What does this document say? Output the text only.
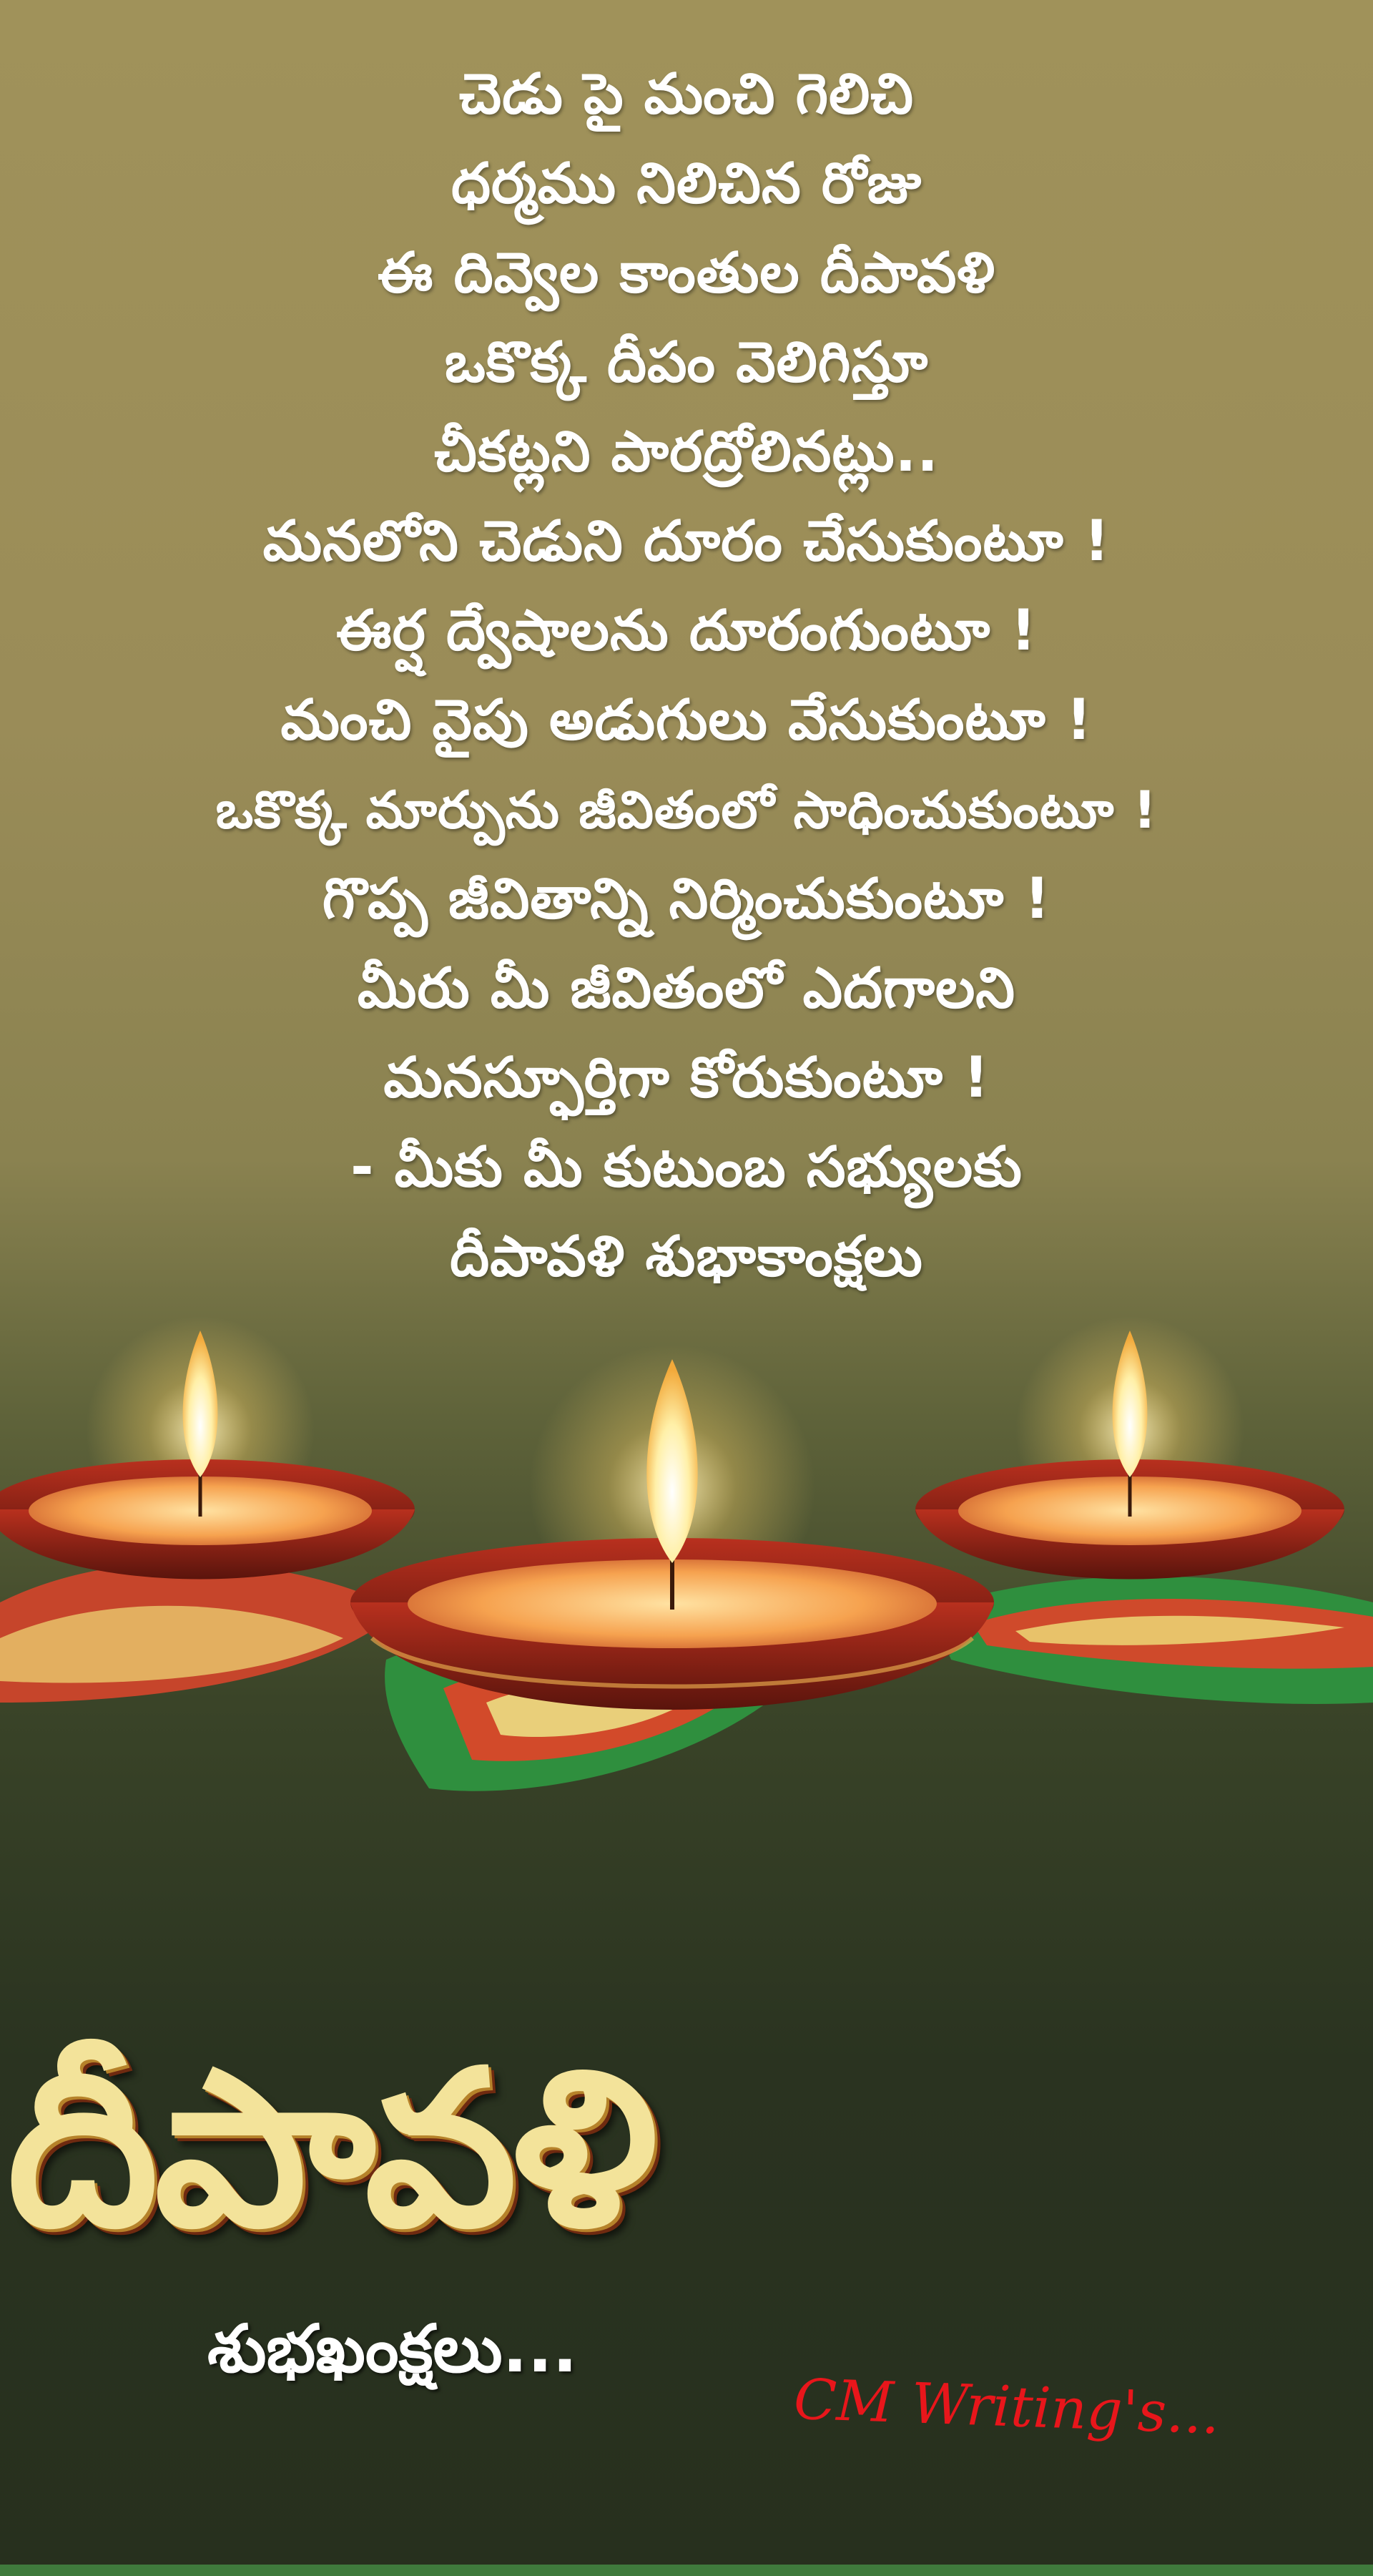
చెడు పై మంచి గెలిచి
ధర్మము నిలిచిన రోజు
ఈ దివ్వెల కాంతుల దీపావళి
ఒకొక్క దీపం వెలిగిస్తూ
చీకట్లని పారద్రోలినట్లు..
మనలోని చెడుని దూరం చేసుకుంటూ !
ఈర్ష ద్వేషాలను దూరంగుంటూ !
మంచి వైపు అడుగులు వేసుకుంటూ !
ఒకొక్క మార్పును జీవితంలో సాధించుకుంటూ !
గొప్ప జీవితాన్ని నిర్మించుకుంటూ !
మీరు మీ జీవితంలో ఎదగాలని
మనస్ఫూర్తిగా కోరుకుంటూ !
- మీకు మీ కుటుంబ సభ్యులకు
దీపావళి శుభాకాంక్షలు
దీపావళి
శుభఖంక్షలు...
CM Writing's...
